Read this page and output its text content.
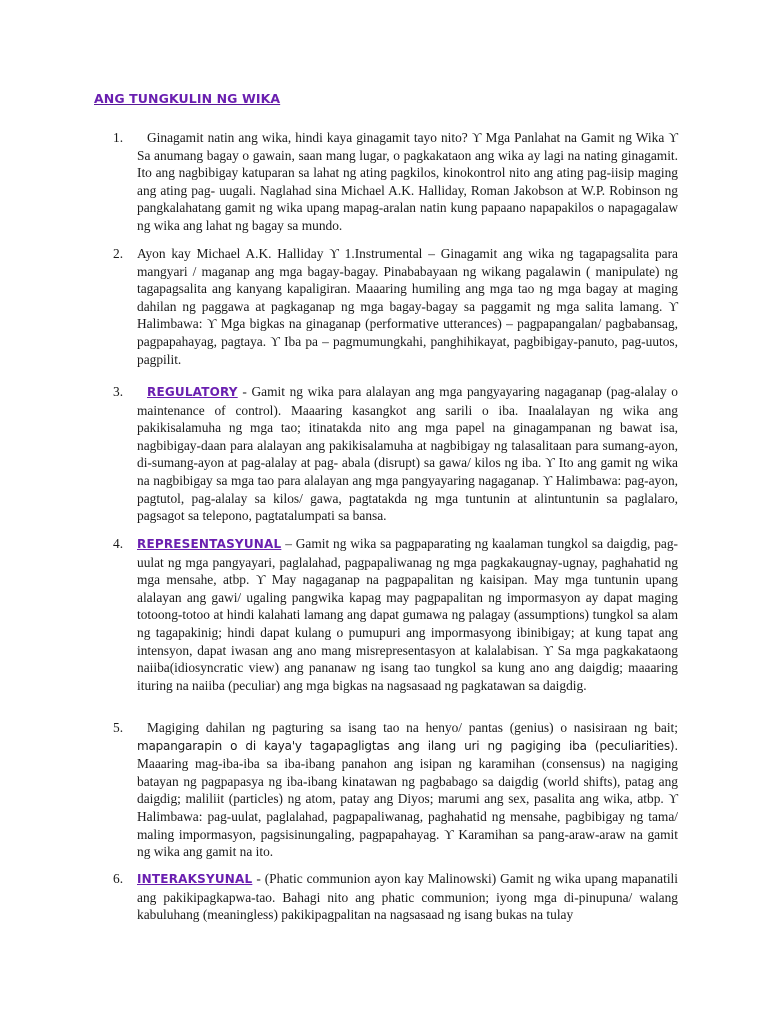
ANG TUNGKULIN NG WIKA
1.	Ginagamit natin ang wika, hindi kaya ginagamit tayo nito? ϒ Mga Panlahat na Gamit ng Wika ϒ Sa anumang bagay o gawain, saan mang lugar, o pagkakataon ang wika ay lagi na nating ginagamit. Ito ang nagbibigay katuparan sa lahat ng ating pagkilos, kinokontrol nito ang ating pag-iisip maging ang ating pag- uugali. Naglahad sina Michael A.K. Halliday, Roman Jakobson at W.P. Robinson ng pangkalahatang gamit ng wika upang mapag-aralan natin kung papaano napapakilos o napagagalaw ng wika ang lahat ng bagay sa mundo.
2. Ayon kay Michael A.K. Halliday ϒ 1.Instrumental – Ginagamit ang wika ng tagapagsalita para mangyari / maganap ang mga bagay-bagay. Pinababayaan ng wikang pagalawin ( manipulate) ng tagapagsalita ang kanyang kapaligiran. Maaaring humiling ang mga tao ng mga bagay at maging dahilan ng paggawa at pagkaganap ng mga bagay-bagay sa paggamit ng mga salita lamang. ϒ Halimbawa: ϒ Mga bigkas na ginaganap (performative utterances) – pagpapangalan/ pagbabansag, pagpapahayag, pagtaya. ϒ Iba pa – pagmumungkahi, panghihikayat, pagbibigay-panuto, pag-uutos, pagpilit.
3.	REGULATORY - Gamit ng wika para alalayan ang mga pangyayaring nagaganap (pag-alalay o maintenance of control). Maaaring kasangkot ang sarili o iba. Inaalalayan ng wika ang pakikisalamuha ng mga tao; itinatakda nito ang mga papel na ginagampanan ng bawat isa, nagbibigay-daan para alalayan ang pakikisalamuha at nagbibigay ng talasalitaan para sumang-ayon, di-sumang-ayon at pag-alalay at pag- abala (disrupt) sa gawa/ kilos ng iba. ϒ Ito ang gamit ng wika na nagbibigay sa mga tao para alalayan ang mga pangyayaring nagaganap. ϒ Halimbawa: pag-ayon, pagtutol, pag-alalay sa kilos/ gawa, pagtatakda ng mga tuntunin at alintuntunin sa paglalaro, pagsagot sa telepono, pagtatalumpati sa bansa.
4. REPRESENTASYUNAL – Gamit ng wika sa pagpaparating ng kaalaman tungkol sa daigdig, pag-uulat ng mga pangyayari, paglalahad, pagpapaliwanag ng mga pagkakaugnay-ugnay, paghahatid ng mga mensahe, atbp. ϒ May nagaganap na pagpapalitan ng kaisipan. May mga tuntunin upang alalayan ang gawi/ ugaling pangwika kapag may pagpapalitan ng impormasyon ay dapat maging totoong-totoo at hindi kalahati lamang ang dapat gumawa ng palagay (assumptions) tungkol sa alam ng tagapakinig; hindi dapat kulang o pumupuri ang impormasyong ibinibigay; at kung tapat ang intensyon, dapat iwasan ang ano mang misrepresentasyon at kalalabisan. ϒ Sa mga pagkakataong naiiba(idiosyncratic view) ang pananaw ng isang tao tungkol sa kung ano ang daigdig; maaaring ituring na naiiba (peculiar) ang mga bigkas na nagsasaad ng pagkatawan sa daigdig.
5.	Magiging dahilan ng pagturing sa isang tao na henyo/ pantas (genius) o nasisiraan ng bait; mapangarapin o di kaya'y tagapagligtas ang ilang uri ng pagiging iba (peculiarities). Maaaring mag-iba-iba sa iba-ibang panahon ang isipan ng karamihan (consensus) na nagiging batayan ng pagpapasya ng iba-ibang kinatawan ng pagbabago sa daigdig (world shifts), patag ang daigdig; maliliit (particles) ng atom, patay ang Diyos; marumi ang sex, pasalita ang wika, atbp. ϒ Halimbawa: pag-uulat, paglalahad, pagpapaliwanag, paghahatid ng mensahe, pagbibigay ng tama/ maling impormasyon, pagsisinungaling, pagpapahayag. ϒ Karamihan sa pang-araw-araw na gamit ng wika ang gamit na ito.
6. INTERAKSYUNAL - (Phatic communion ayon kay Malinowski) Gamit ng wika upang mapanatili ang pakikipagkapwa-tao. Bahagi nito ang phatic communion; iyong mga di-pinupuna/ walang kabuluhang (meaningless) pakikipagpalitan na nagsasaad ng isang bukas na tulay
